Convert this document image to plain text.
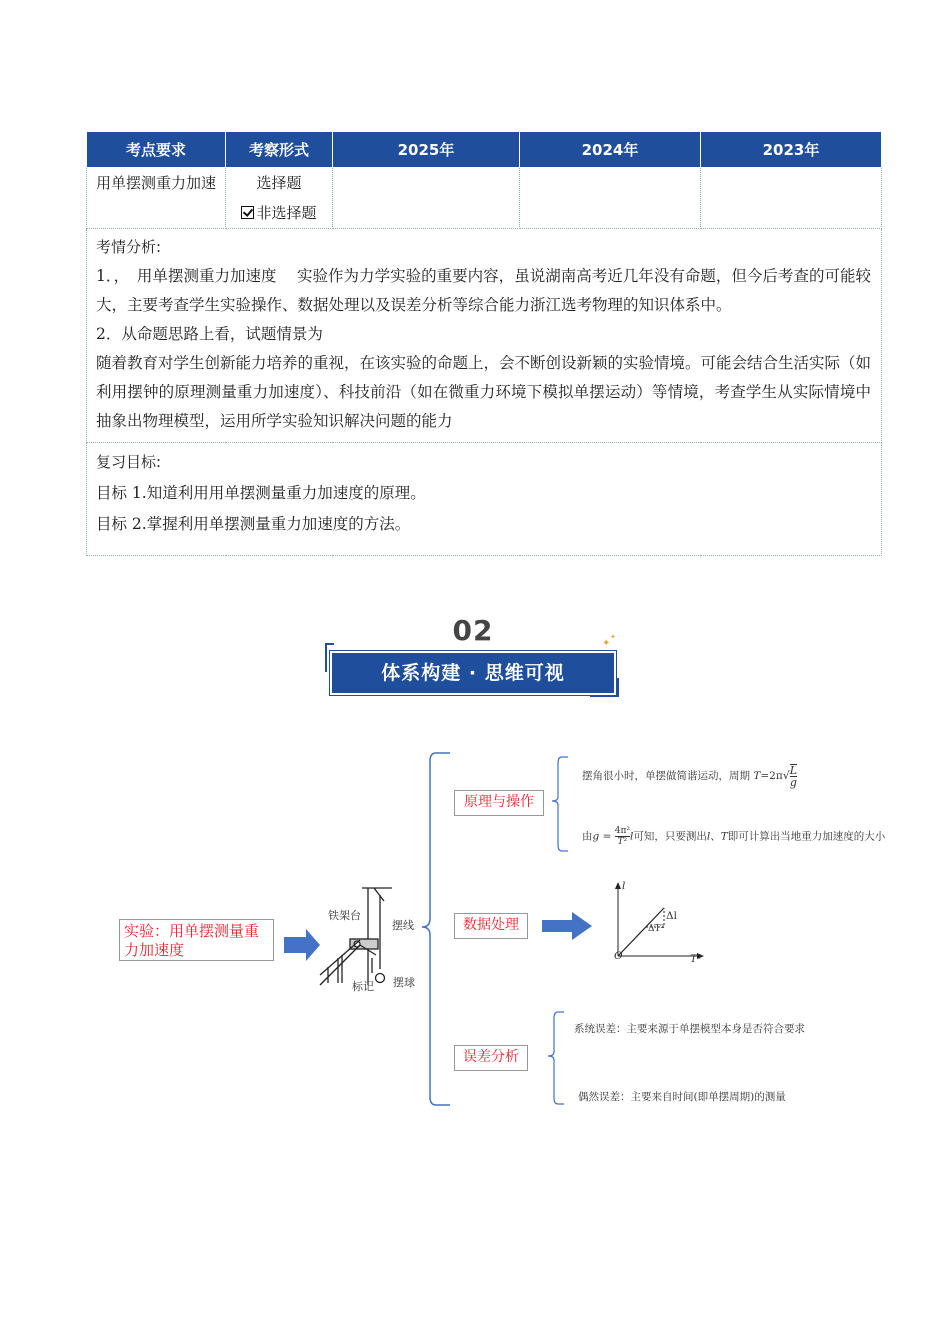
考点要求	考察形式	2025年	2024年	2023年
用单摆测重力加速	选择题
非选择题			

考情分析:
1．，　用单摆测重力加速度　 实验作为力学实验的重要内容，虽说湖南高考近几年没有命题，但今后考查的可能较大，主要考查学生实验操作、数据处理以及误差分析等综合能力浙江选考物理的知识体系中。
2．从命题思路上看，试题情景为
随着教育对学生创新能力培养的重视，在该实验的命题上，会不断创设新颖的实验情境。可能会结合生活实际（如利用摆钟的原理测量重力加速度）、科技前沿（如在微重力环境下模拟单摆运动）等情境，考查学生从实际情境中抽象出物理模型，运用所学实验知识解决问题的能力				

复习目标:
目标 1.知道利用用单摆测量重力加速度的原理。
目标 2.掌握利用单摆测量重力加速度的方法。				
02	✦
✦
体系构建 · 思维可视
实验：用单摆测量重力加速度
铁架台
摆线
标记 摆球
原理与操作
摆角很小时，单摆做简谐运动，周期 T=2π√ L
g
由g = 4π²
T² l可知，只要测出l、T即可计算出当地重力加速度的大小
数据处理
l
T²
O
Δl
ΔT²
误差分析
系统误差：主要来源于单摆模型本身是否符合要求
偶然误差：主要来自时间(即单摆周期)的测量
